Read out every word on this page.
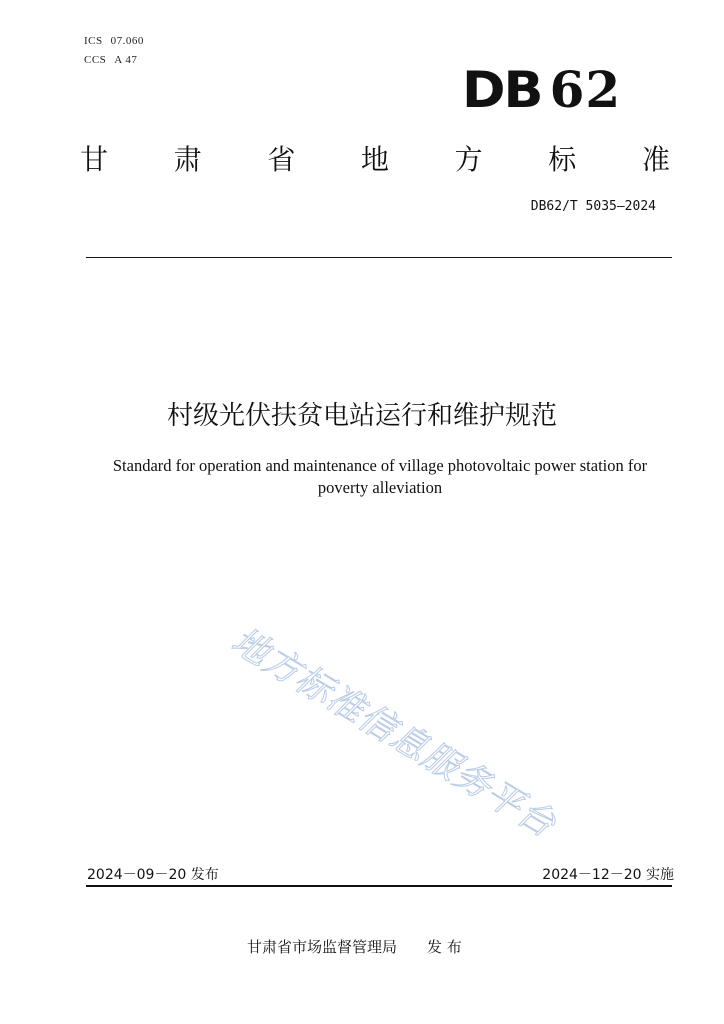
ICS 07.060
CCS A 47
DB 62
甘 肃 省 地 方 标 准
DB62/T 5035—2024
村级光伏扶贫电站运行和维护规范
Standard for operation and maintenance of village photovoltaic power station for poverty alleviation
地方标准信息服务平台
2024－09－20 发布	2024－12－20 实施
甘肃省市场监督管理局 发 布
